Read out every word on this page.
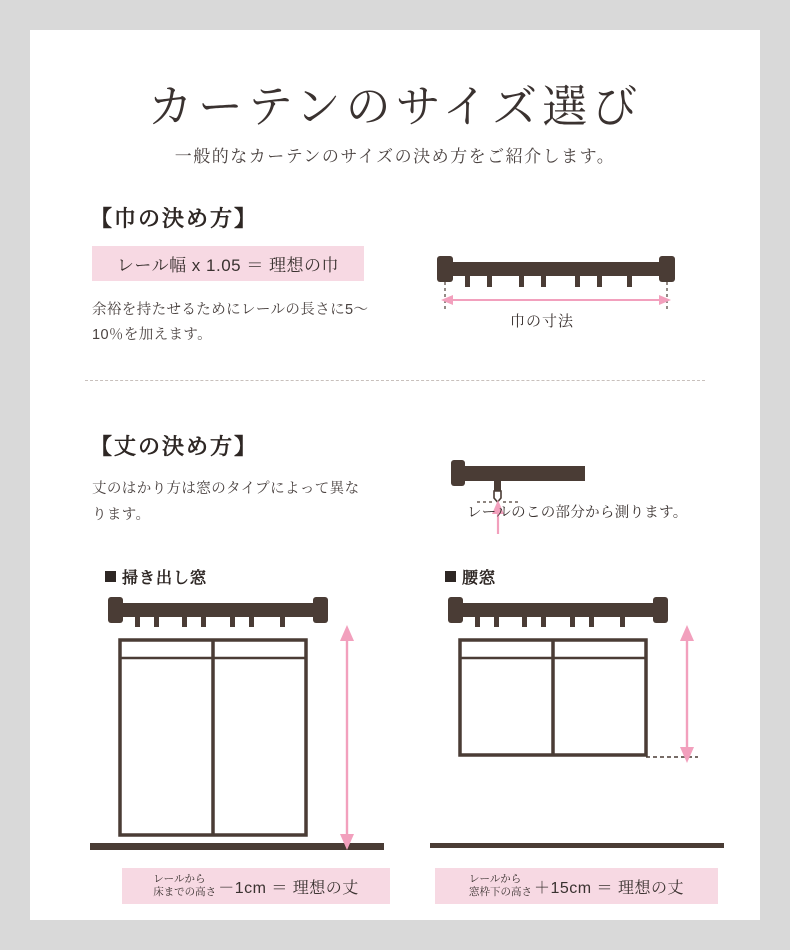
カーテンのサイズ選び
一般的なカーテンのサイズの決め方をご紹介します。
【巾の決め方】
レール幅 x 1.05 ＝ 理想の巾
余裕を持たせるためにレールの長さに5〜10％を加えます。
巾の寸法
【丈の決め方】
丈のはかり方は窓のタイプによって異なります。	レールのこの部分から測ります。
掃き出し窓
レールから
床までの高さ －1cm ＝ 理想の丈
腰窓
レールから
窓枠下の高さ ＋15cm ＝ 理想の丈
